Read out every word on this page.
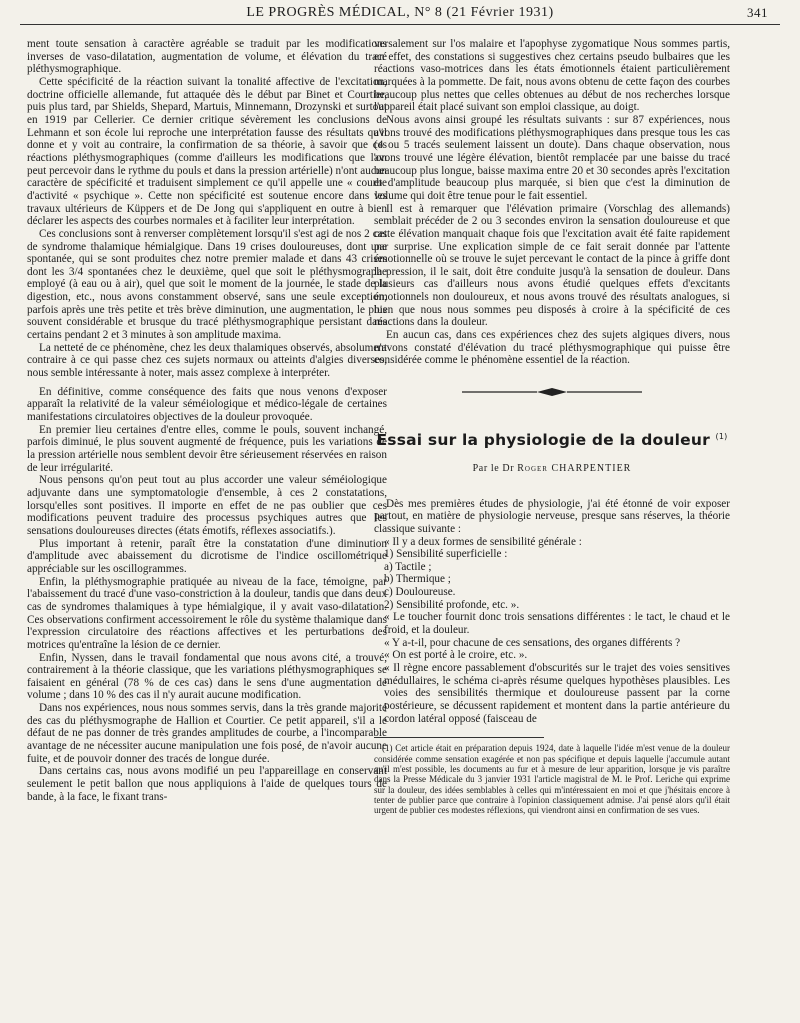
LE PROGRÈS MÉDICAL, N° 8 (21 Février 1931)	341

ment toute sensation à caractère agréable se traduit par les modifications inverses de vaso-dilatation, augmentation de volume, et élévation du tracé pléthysmographique.

Cette spécificité de la réaction suivant la tonalité affective de l'excitation, doctrine officielle allemande, fut attaquée dès le début par Binet et Courtier, puis plus tard, par Shields, Shepard, Martuis, Minnemann, Drozynski et surtout en 1919 par Cellerier. Ce dernier critique sévèrement les conclusions de Lehmann et son école lui reproche une interprétation fausse des résultats qu'il donne et y voit au contraire, la confirmation de sa théorie, à savoir que ces réactions pléthysmographiques (comme d'ailleurs les modifications que l'on peut percevoir dans le rythme du pouls et dans la pression artérielle) n'ont aucun caractère de spécificité et traduisent simplement ce qu'il appelle une « courbe d'activité « psychique ». Cette non spécificité est soutenue encore dans les travaux ultérieurs de Küppers et de De Jong qui s'appliquent en outre à bien déclarer les aspects des courbes normales et à faciliter leur interprétation.

Ces conclusions sont à renverser complètement lorsqu'il s'est agi de nos 2 cas de syndrome thalamique hémialgique. Dans 19 crises douloureuses, dont une spontanée, qui se sont produites chez notre premier malade et dans 43 crises dont les 3/4 spontanées chez le deuxième, quel que soit le pléthysmographe employé (à eau ou à air), quel que soit le moment de la journée, le stade de la digestion, etc., nous avons constamment observé, sans une seule exception, parfois après une très petite et très brève diminution, une augmentation, le plus souvent considérable et brusque du tracé pléthysmographique persistant dans certains pendant 2 et 3 minutes à son amplitude maxima.

La netteté de ce phénomène, chez les deux thalamiques observés, absolument contraire à ce qui passe chez ces sujets normaux ou atteints d'algies diverses, nous semble intéressante à noter, mais assez complexe à interpréter.

En définitive, comme conséquence des faits que nous venons d'exposer apparaît la relativité de la valeur séméiologique et médico-légale de certaines manifestations circulatoires objectives de la douleur provoquée.

En premier lieu certaines d'entre elles, comme le pouls, souvent inchangé, parfois diminué, le plus souvent augmenté de fréquence, puis les variations de la pression artérielle nous semblent devoir être sérieusement réservées en raison de leur irrégularité.

Nous pensons qu'on peut tout au plus accorder une valeur séméiologique adjuvante dans une symptomatologie d'ensemble, à ces 2 constatations, lorsqu'elles sont positives. Il importe en effet de ne pas oublier que ces modifications peuvent traduire des processus psychiques autres que les sensations douloureuses directes (états émotifs, réflexes associatifs.).

Plus important à retenir, paraît être la constatation d'une diminution d'amplitude avec abaissement du dicrotisme de l'indice oscillométrique appréciable sur les oscillogrammes.

Enfin, la pléthysmographie pratiquée au niveau de la face, témoigne, par l'abaissement du tracé d'une vaso-constriction à la douleur, tandis que dans deux cas de syndromes thalamiques à type hémialgique, il y avait vaso-dilatation. Ces observations confirment accessoirement le rôle du système thalamique dans l'expression circulatoire des réactions affectives et les perturbations des motrices qu'entraîne la lésion de ce dernier.

Enfin, Nyssen, dans le travail fondamental que nous avons cité, a trouvé, contrairement à la théorie classique, que les variations pléthysmographiques se faisaient en général (78 % de ces cas) dans le sens d'une augmentation de volume ; dans 10 % des cas il n'y aurait aucune modification.

Dans nos expériences, nous nous sommes servis, dans la très grande majorité des cas du pléthysmographe de Hallion et Courtier. Ce petit appareil, s'il a le défaut de ne pas donner de très grandes amplitudes de courbe, a l'incomparable avantage de ne nécessiter aucune manipulation une fois posé, de n'avoir aucune fuite, et de pouvoir donner des tracés de longue durée.

Dans certains cas, nous avons modifié un peu l'appareillage en conservant seulement le petit ballon que nous appliquions à l'aide de quelques tours de bande, à la face, le fixant trans-

versalement sur l'os malaire et l'apophyse zygomatique Nous sommes partis, en effet, des constations si suggestives chez certains pseudo bulbaires que les réactions vaso-motrices dans les états émotionnels étaient particulièrement marquées à la pommette. De fait, nous avons obtenu de cette façon des courbes beaucoup plus nettes que celles obtenues au début de nos recherches lorsque l'appareil était placé suivant son emploi classique, au doigt.

Nous avons ainsi groupé les résultats suivants : sur 87 expériences, nous avons trouvé des modifications pléthysmographiques dans presque tous les cas (4 ou 5 tracés seulement laissent un doute). Dans chaque observation, nous avons trouvé une légère élévation, bientôt remplacée par une baisse du tracé beaucoup plus longue, baisse maxima entre 20 et 30 secondes après l'excitation et d'amplitude beaucoup plus marquée, si bien que c'est la diminution de volume qui doit être tenue pour le fait essentiel.

Il est à remarquer que l'élévation primaire (Vorschlag des allemands) semblait précéder de 2 ou 3 secondes environ la sensation douloureuse et que cette élévation manquait chaque fois que l'excitation avait été faite rapidement par surprise. Une explication simple de ce fait serait donnée par l'attente émotionnelle où se trouve le sujet percevant le contact de la pince à griffe dont la pression, il le sait, doit être conduite jusqu'à la sensation de douleur. Dans plusieurs cas d'ailleurs nous avons étudié quelques effets d'excitants émotionnels non douloureux, et nous avons trouvé des résultats analogues, si bien que nous nous sommes peu disposés à croire à la spécificité de ces réactions dans la douleur.

En aucun cas, dans ces expériences chez des sujets algiques divers, nous n'avons constaté d'élévation du tracé pléthysmographique qui puisse être considérée comme le phénomène essentiel de la réaction.

Essai sur la physiologie de la douleur $^{(1)}$
Par le Dr Roger CHARPENTIER

Dès mes premières études de physiologie, j'ai été étonné de voir exposer partout, en matière de physiologie nerveuse, presque sans réserves, la théorie classique suivante :

« Il y a deux formes de sensibilité générale :

1) Sensibilité superficielle :

a) Tactile ;

b) Thermique ;

c) Douloureuse.

2) Sensibilité profonde, etc. ».

« Le toucher fournit donc trois sensations différentes : le tact, le chaud et le froid, et la douleur.

« Y a-t-il, pour chacune de ces sensations, des organes différents ?

« On est porté à le croire, etc. ».

« Il règne encore passablement d'obscurités sur le trajet des voies sensitives médullaires, le schéma ci-après résume quelques hypothèses plausibles. Les voies des sensibilités thermique et douloureuse passent par la corne postérieure, se décussent rapidement et montent dans la partie antérieure du cordon latéral opposé (faisceau de

(1) Cet article était en préparation depuis 1924, date à laquelle l'idée m'est venue de la douleur considérée comme sensation exagérée et non pas spécifique et depuis laquelle j'accumule autant qu'il m'est possible, les documents au fur et à mesure de leur apparition, lorsque je vis paraître dans la Presse Médicale du 3 janvier 1931 l'article magistral de M. le Prof. Leriche qui exprime sur la douleur, des idées semblables à celles qui m'intéressaient en moi et que j'hésitais encore à tenter de publier parce que contraire à l'opinion classiquement admise. J'ai pensé alors qu'il était urgent de publier ces modestes réflexions, qui viendront ainsi en confirmation de ses vues.
